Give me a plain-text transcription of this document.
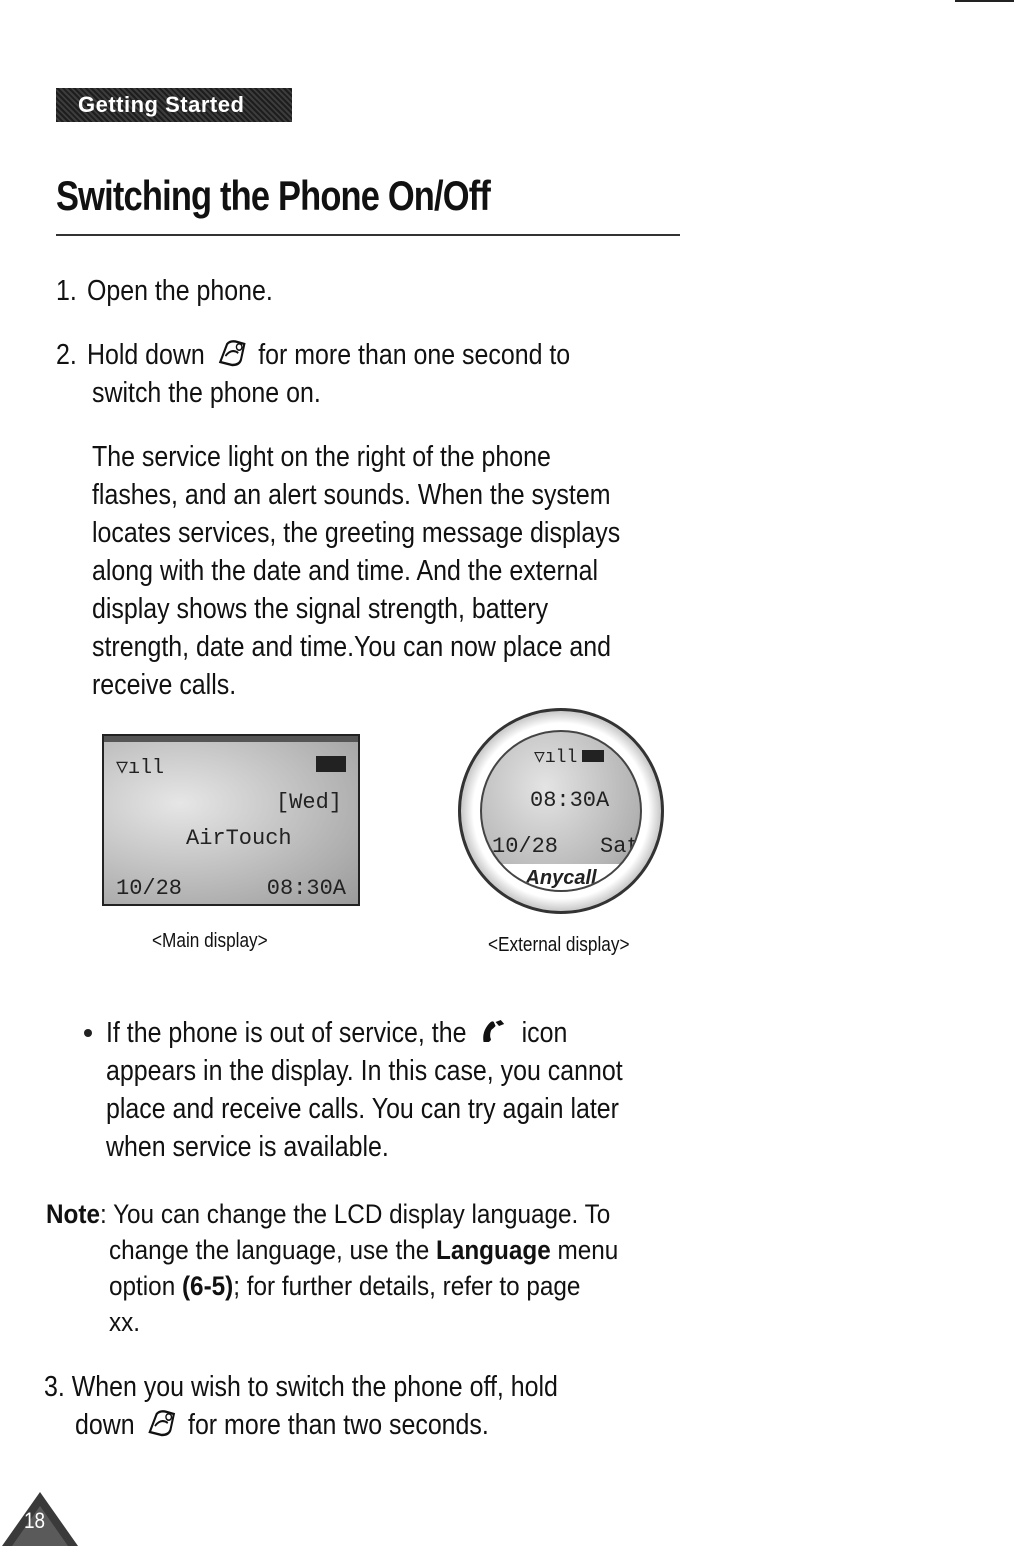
Getting Started
Switching the Phone On/Off
1. Open the phone.
2. Hold down for more than one second to
switch the phone on.
The service light on the right of the phone
flashes, and an alert sounds. When the system
locates services, the greeting message displays
along with the date and time. And the external
display shows the signal strength, battery
strength, date and time.You can now place and
receive calls.
▽ıll
[Wed]
AirTouch
10/28	08:30A
<Main display>
▽ıll
08:30A
10/28 Sat
Anycall
<External display>
If the phone is out of service, the icon
appears in the display. In this case, you cannot
place and receive calls. You can try again later
when service is available.
Note: You can change the LCD display language. To
change the language, use the Language menu
option (6-5); for further details, refer to page
xx.
3. When you wish to switch the phone off, hold
down for more than two seconds.
18
